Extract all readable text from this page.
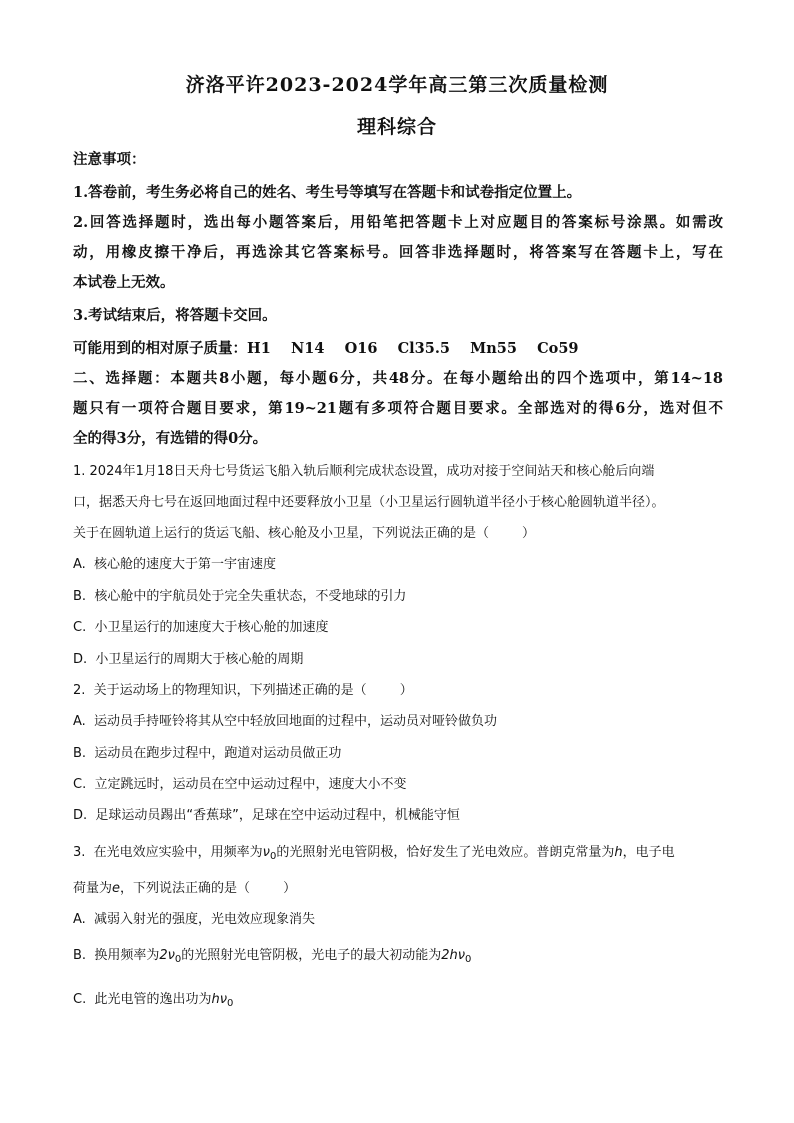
济洛平许2023-2024学年高三第三次质量检测
理科综合
注意事项：
1.答卷前，考生务必将自己的姓名、考生号等填写在答题卡和试卷指定位置上。
2.回答选择题时，选出每小题答案后，用铅笔把答题卡上对应题目的答案标号涂黑。如需改
动，用橡皮擦干净后，再选涂其它答案标号。回答非选择题时，将答案写在答题卡上，写在
本试卷上无效。
3.考试结束后，将答题卡交回。
可能用到的相对原子质量：H1    N14    O16    Cl35.5    Mn55    Co59
二、选择题：本题共8小题，每小题6分，共48分。在每小题给出的四个选项中，第14~18
题只有一项符合题目要求，第19~21题有多项符合题目要求。全部选对的得6分，选对但不
全的得3分，有选错的得0分。
1. 2024年1月18日天舟七号货运飞船入轨后顺利完成状态设置，成功对接于空间站天和核心舱后向端
口，据悉天舟七号在返回地面过程中还要释放小卫星（小卫星运行圆轨道半径小于核心舱圆轨道半径）。
关于在圆轨道上运行的货运飞船、核心舱及小卫星，下列说法正确的是（        ）
A.  核心舱的速度大于第一宇宙速度
B.  核心舱中的宇航员处于完全失重状态，不受地球的引力
C.  小卫星运行的加速度大于核心舱的加速度
D.  小卫星运行的周期大于核心舱的周期
2.  关于运动场上的物理知识，下列描述正确的是（        ）
A.  运动员手持哑铃将其从空中轻放回地面的过程中，运动员对哑铃做负功
B.  运动员在跑步过程中，跑道对运动员做正功
C.  立定跳远时，运动员在空中运动过程中，速度大小不变
D.  足球运动员踢出“香蕉球”，足球在空中运动过程中，机械能守恒
3.  在光电效应实验中，用频率为$\nu_0$的光照射光电管阴极，恰好发生了光电效应。普朗克常量为h，电子电
荷量为e，下列说法正确的是（        ）
A.  减弱入射光的强度，光电效应现象消失
B.  换用频率为$2\nu_0$的光照射光电管阴极，光电子的最大初动能为$2h\nu_0$
C.  此光电管的逸出功为$h\nu_0$
